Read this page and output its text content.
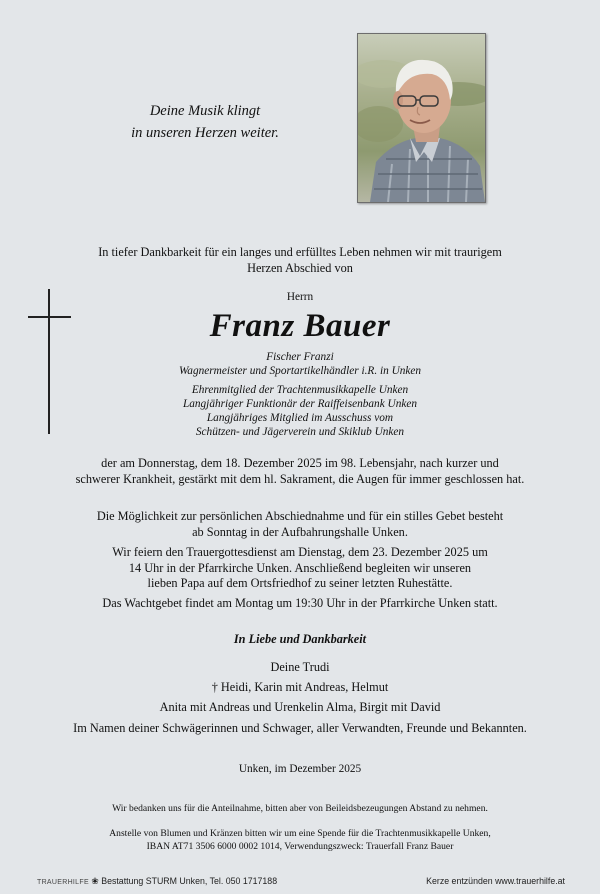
Deine Musik klingt
in unseren Herzen weiter.
In tiefer Dankbarkeit für ein langes und erfülltes Leben nehmen wir mit traurigem
Herzen Abschied von
Herrn
Franz Bauer
Fischer Franzi
Wagnermeister und Sportartikelhändler i.R. in Unken
Ehrenmitglied der Trachtenmusikkapelle Unken
Langjähriger Funktionär der Raiffeisenbank Unken
Langjähriges Mitglied im Ausschuss vom
Schützen- und Jägerverein und Skiklub Unken
der am Donnerstag, dem 18. Dezember 2025 im 98. Lebensjahr, nach kurzer und
schwerer Krankheit, gestärkt mit dem hl. Sakrament, die Augen für immer geschlossen hat.
Die Möglichkeit zur persönlichen Abschiednahme und für ein stilles Gebet besteht
ab Sonntag in der Aufbahrungshalle Unken.
Wir feiern den Trauergottesdienst am Dienstag, dem 23. Dezember 2025 um
14 Uhr in der Pfarrkirche Unken. Anschließend begleiten wir unseren
lieben Papa auf dem Ortsfriedhof zu seiner letzten Ruhestätte.
Das Wachtgebet findet am Montag um 19:30 Uhr in der Pfarrkirche Unken statt.
In Liebe und Dankbarkeit
Deine Trudi
† Heidi, Karin mit Andreas, Helmut
Anita mit Andreas und Urenkelin Alma, Birgit mit David
Im Namen deiner Schwägerinnen und Schwager, aller Verwandten, Freunde und Bekannten.
Unken, im Dezember 2025
Wir bedanken uns für die Anteilnahme, bitten aber von Beileidsbezeugungen Abstand zu nehmen.
Anstelle von Blumen und Kränzen bitten wir um eine Spende für die Trachtenmusikkapelle Unken,
IBAN AT71 3506 6000 0002 1014, Verwendungszweck: Trauerfall Franz Bauer
TRAUERHILFE ❀ Bestattung STURM Unken, Tel. 050 1717188	Kerze entzünden www.trauerhilfe.at
